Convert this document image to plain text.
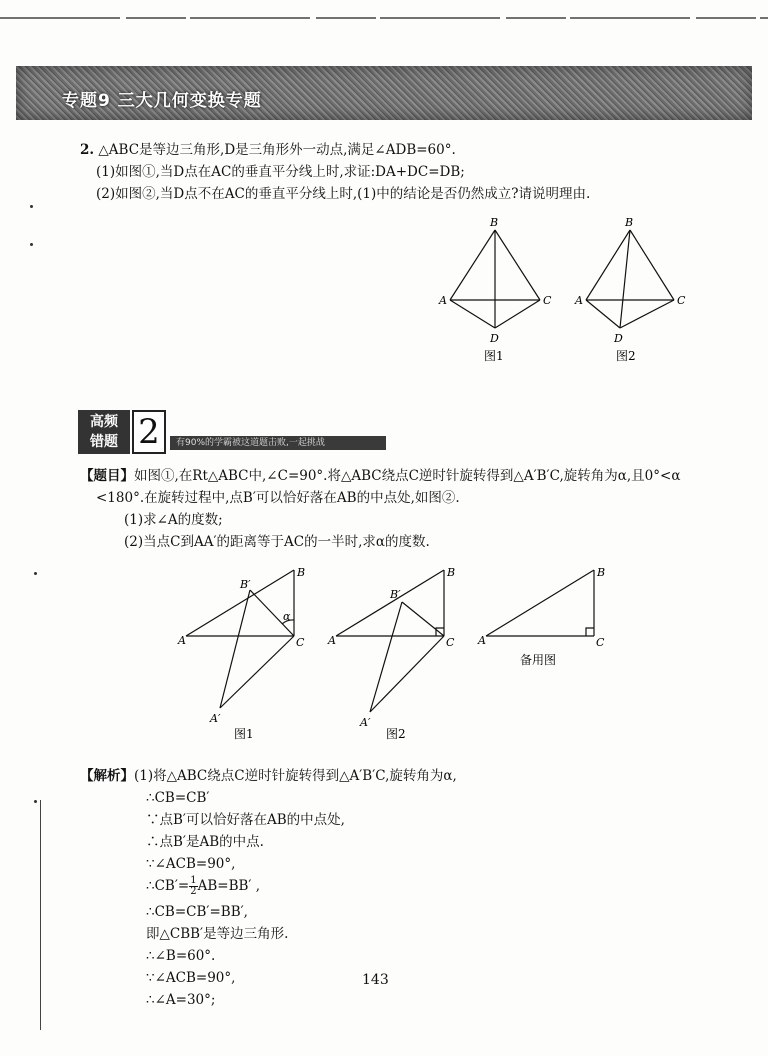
专题9 三大几何变换专题
2. △ABC是等边三角形,D是三角形外一动点,满足∠ADB=60°.
(1)如图①,当D点在AC的垂直平分线上时,求证:DA+DC=DB;
(2)如图②,当D点不在AC的垂直平分线上时,(1)中的结论是否仍然成立?请说明理由.
B
A	C
D
图1
B
A	C
D
图2
高频
错题 2	有90%的学霸被这道题击败,一起挑战
【题目】如图①,在Rt△ABC中,∠C=90°.将△ABC绕点C逆时针旋转得到△A′B′C,旋转角为α,且0°<α
<180°.在旋转过程中,点B′可以恰好落在AB的中点处,如图②.
(1)求∠A的度数;
(2)当点C到AA′的距离等于AC的一半时,求α的度数.
A
B
C
B′
A′
α
图1
A
B
C
B′
A′
图2
A
B
C
备用图
【解析】(1)将△ABC绕点C逆时针旋转得到△A′B′C,旋转角为α,
∴CB=CB′
∵点B′可以恰好落在AB的中点处,
∴点B′是AB的中点.
∵∠ACB=90°,
∴CB′= $\frac{1}{2} AB=BB'$ ,
∴CB=CB′=BB′,
即△CBB′是等边三角形.
∴∠B=60°.
∵∠ACB=90°,
∴∠A=30°;
143
